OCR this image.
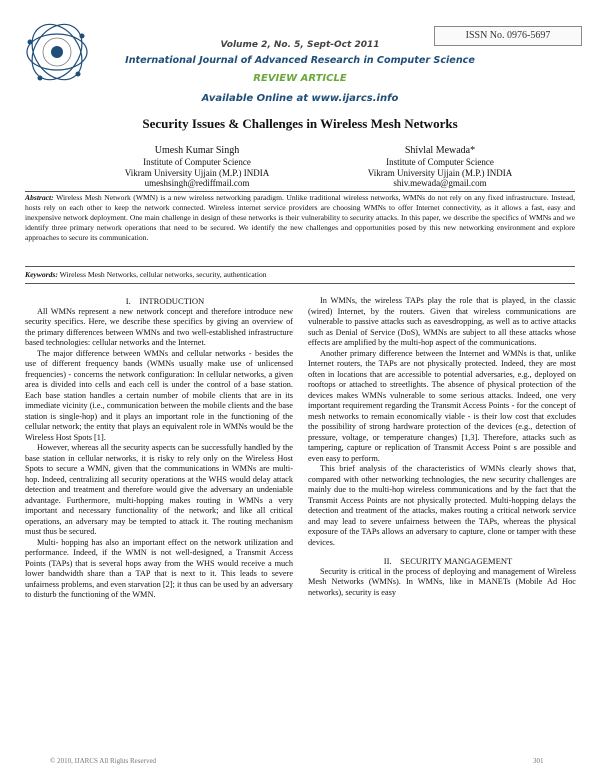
ISSN No. 0976-5697
Volume 2, No. 5, Sept-Oct 2011
International Journal of Advanced Research in Computer Science
REVIEW ARTICLE
Available Online at www.ijarcs.info
Security Issues & Challenges in Wireless Mesh Networks
Umesh Kumar Singh
Institute of Computer Science
Vikram University Ujjain (M.P.) INDIA
umeshsingh@rediffmail.com
Shivlal Mewada*
Institute of Computer Science
Vikram University Ujjain (M.P.) INDIA
shiv.mewada@gmail.com
Abstract: Wireless Mesh Network (WMN) is a new wireless networking paradigm. Unlike traditional wireless networks, WMNs do not rely on any fixed infrastructure. Instead, hosts rely on each other to keep the network connected. Wireless internet service providers are choosing WMNs to offer Internet connectivity, as it allows a fast, easy and inexpensive network deployment. One main challenge in design of these networks is their vulnerability to security attacks. In this paper, we describe the specifics of WMNs and we identify three primary network operations that need to be secured. We identify the new challenges and opportunities posed by this new networking environment and explore approaches to secure its communication.
Keywords: Wireless Mesh Networks, cellular networks, security, authentication

I. INTRODUCTION

All WMNs represent a new network concept and therefore introduce new security specifics. Here, we describe these specifics by giving an overview of the primary differences between WMNs and two well-established infrastructure based technologies: cellular networks and the Internet.

The major difference between WMNs and cellular networks - besides the use of different frequency bands (WMNs usually make use of unlicensed frequencies) - concerns the network configuration: In cellular networks, a given area is divided into cells and each cell is under the control of a base station. Each base station handles a certain number of mobile clients that are in its immediate vicinity (i.e., communication between the mobile clients and the base station is single-hop) and it plays an important role in the functioning of the cellular network; the entity that plays an equivalent role in WMNs would be the Wireless Host Spots [1].

However, whereas all the security aspects can be successfully handled by the base station in cellular networks, it is risky to rely only on the Wireless Host Spots to secure a WMN, given that the communications in WMNs are multi-hop. Indeed, centralizing all security operations at the WHS would delay attack detection and treatment and therefore would give the adversary an undeniable advantage. Furthermore, multi-hopping makes routing in WMNs a very important and necessary functionality of the network; and like all critical operations, an adversary may be tempted to attack it. The routing mechanism must thus be secured.

Multi- hopping has also an important effect on the network utilization and performance. Indeed, if the WMN is not well-designed, a Transmit Access Points (TAPs) that is several hops away from the WHS would receive a much lower bandwidth share than a TAP that is next to it. This leads to severe unfairness problems, and even starvation [2]; it thus can be used by an adversary to disturb the functioning of the WMN.

In WMNs, the wireless TAPs play the role that is played, in the classic (wired) Internet, by the routers. Given that wireless communications are vulnerable to passive attacks such as eavesdropping, as well as to active attacks such as Denial of Service (DoS), WMNs are subject to all these attacks whose effects are amplified by the multi-hop aspect of the communications.

Another primary difference between the Internet and WMNs is that, unlike Internet routers, the TAPs are not physically protected. Indeed, they are most often in locations that are accessible to potential adversaries, e.g., deployed on rooftops or attached to streetlights. The absence of physical protection of the devices makes WMNs vulnerable to some serious attacks. Indeed, one very important requirement regarding the Transmit Access Points - for the concept of mesh networks to remain economically viable - is their low cost that excludes the possibility of strong hardware protection of the devices (e.g., detection of pressure, voltage, or temperature changes) [1,3]. Therefore, attacks such as tampering, capture or replication of Transmit Access Point s are possible and even easy to perform.

This brief analysis of the characteristics of WMNs clearly shows that, compared with other networking technologies, the new security challenges are mainly due to the multi-hop wireless communications and by the fact that the Transmit Access Points are not physically protected. Multi-hopping delays the detection and treatment of the attacks, makes routing a critical network service and may lead to severe unfairness between the TAPs, whereas the physical exposure of the TAPs allows an adversary to capture, clone or tamper with these devices.

II. SECURITY MANGAGEMENT

Security is critical in the process of deploying and management of Wireless Mesh Networks (WMNs). In WMNs, like in MANETs (Mobile Ad Hoc networks), security is easy

© 2010, IJARCS All Rights Reserved	301
